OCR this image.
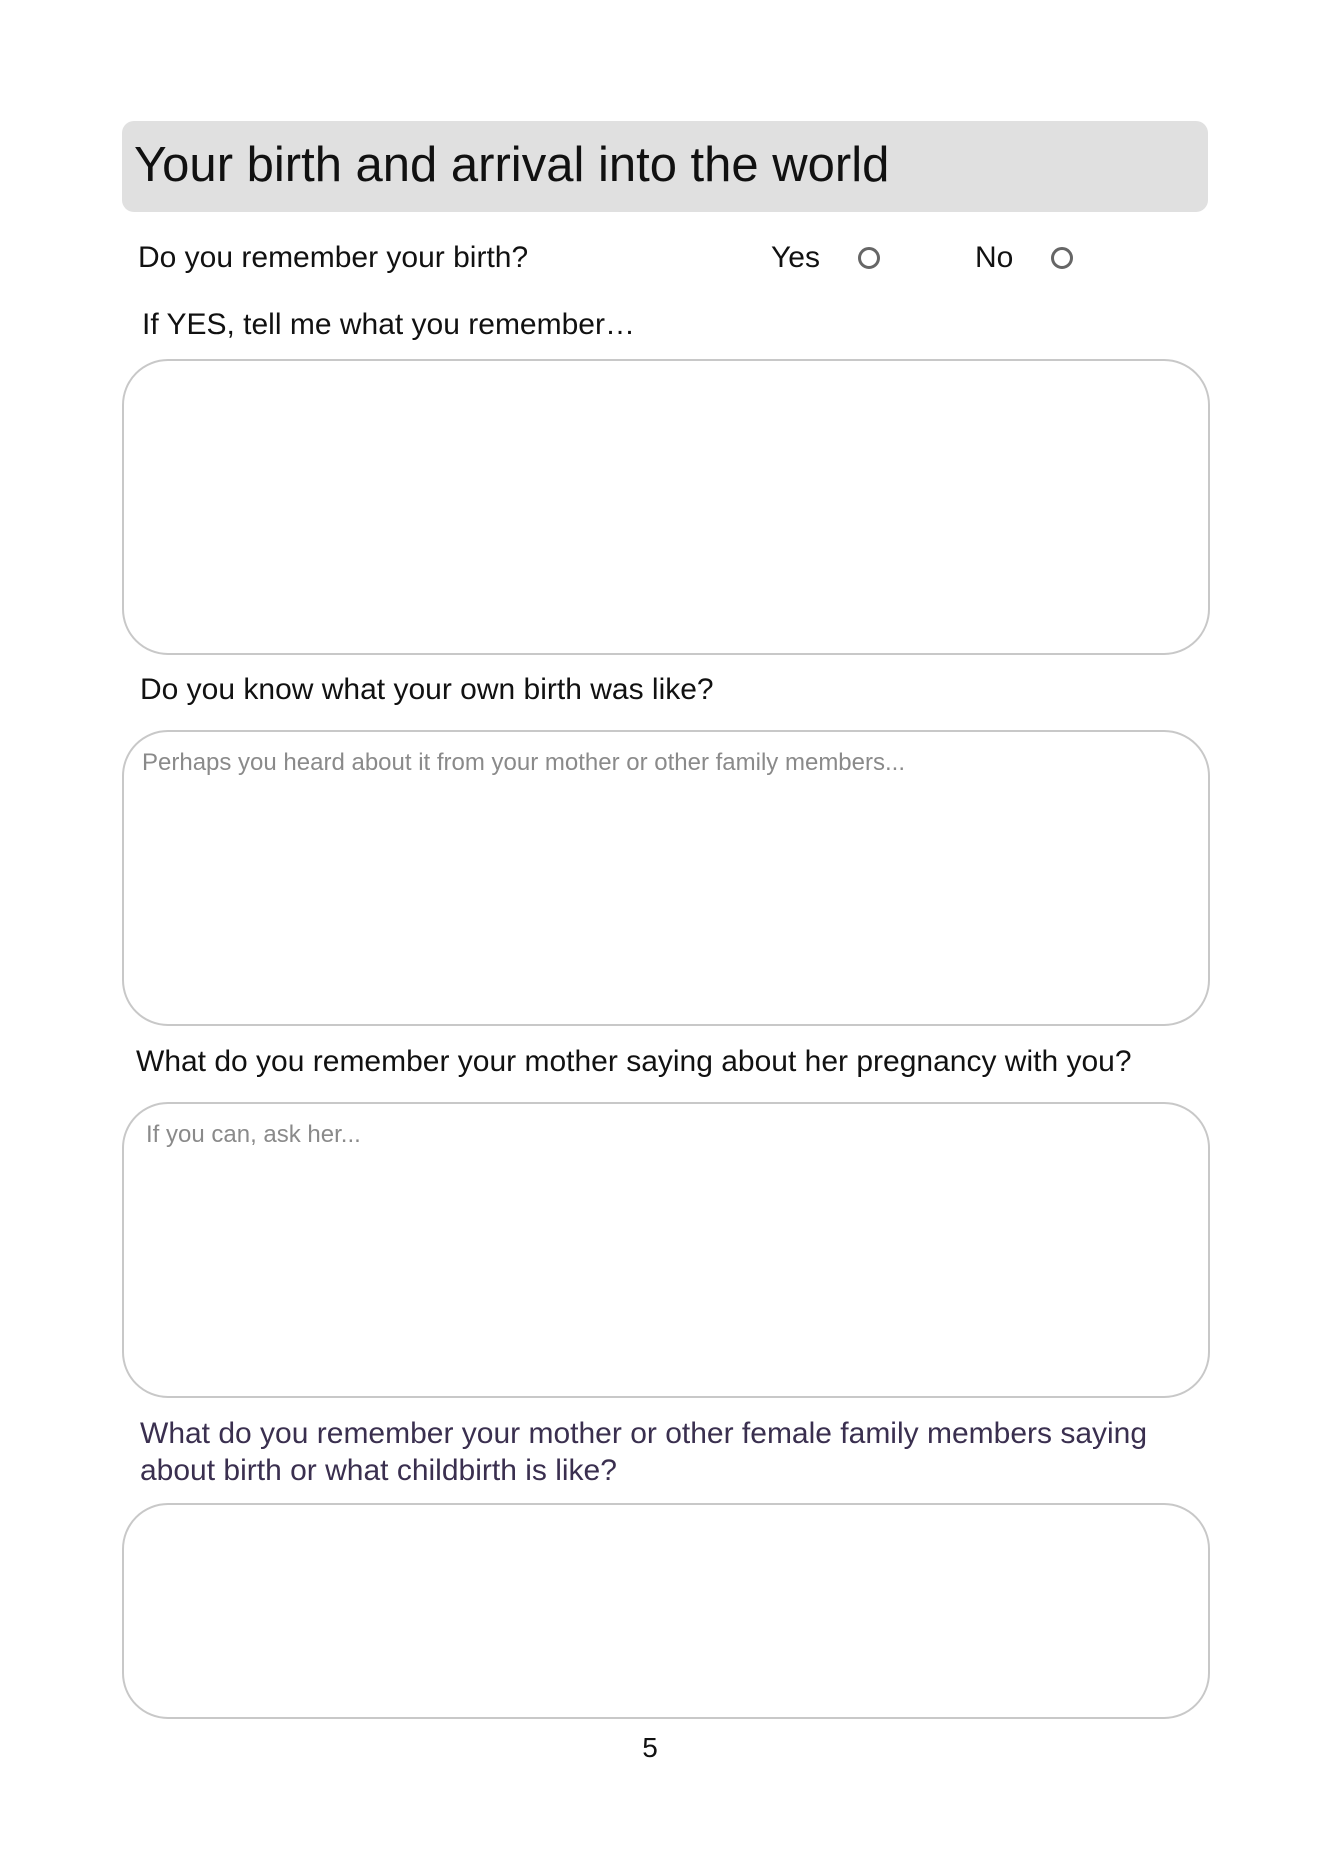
Your birth and arrival into the world
Do you remember your birth?	Yes	No
If YES, tell me what you remember…
Do you know what your own birth was like?
Perhaps you heard about it from your mother or other family members...
What do you remember your mother saying about her pregnancy with you?
If you can, ask her...
What do you remember your mother or other female family members saying
about birth or what childbirth is like?
5
